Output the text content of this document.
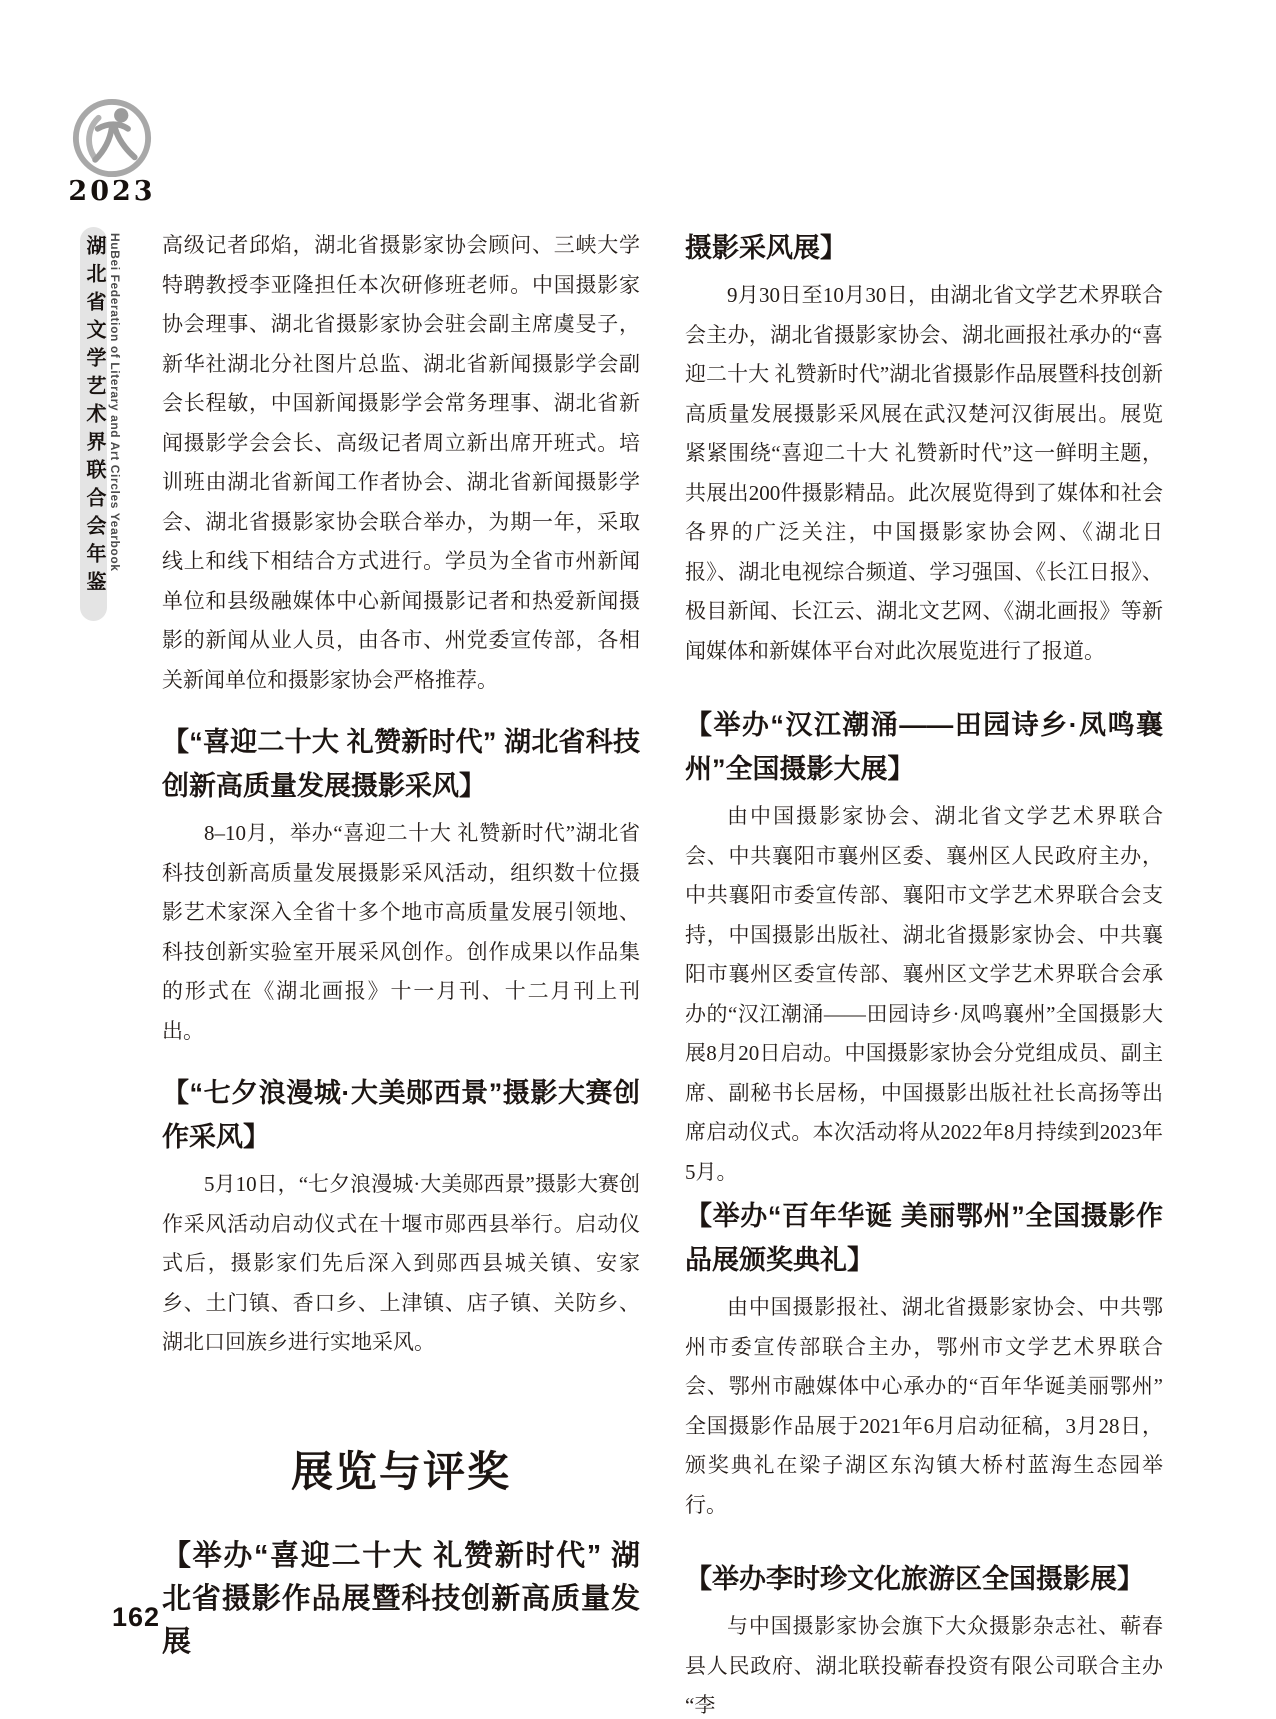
2023
湖北省文学艺术界联合会年鉴 HuBei Federation of Literary and Art Circles Yearbook 高级记者邱焰，湖北省摄影家协会顾问、三峡大学特聘教授李亚隆担任本次研修班老师。中国摄影家协会理事、湖北省摄影家协会驻会副主席虞旻子，新华社湖北分社图片总监、湖北省新闻摄影学会副会长程敏，中国新闻摄影学会常务理事、湖北省新闻摄影学会会长、高级记者周立新出席开班式。培训班由湖北省新闻工作者协会、湖北省新闻摄影学会、湖北省摄影家协会联合举办，为期一年，采取线上和线下相结合方式进行。学员为全省市州新闻单位和县级融媒体中心新闻摄影记者和热爱新闻摄影的新闻从业人员，由各市、州党委宣传部，各相关新闻单位和摄影家协会严格推荐。

【“喜迎二十大 礼赞新时代” 湖北省科技创新高质量发展摄影采风】

8–10月，举办“喜迎二十大 礼赞新时代”湖北省科技创新高质量发展摄影采风活动，组织数十位摄影艺术家深入全省十多个地市高质量发展引领地、科技创新实验室开展采风创作。创作成果以作品集的形式在《湖北画报》十一月刊、十二月刊上刊出。

【“七夕浪漫城·大美郧西景”摄影大赛创作采风】

5月10日，“七夕浪漫城·大美郧西景”摄影大赛创作采风活动启动仪式在十堰市郧西县举行。启动仪式后，摄影家们先后深入到郧西县城关镇、安家乡、土门镇、香口乡、上津镇、店子镇、关防乡、湖北口回族乡进行实地采风。

展览与评奖
【举办“喜迎二十大 礼赞新时代” 湖北省摄影作品展暨科技创新高质量发展
摄影采风展】

9月30日至10月30日，由湖北省文学艺术界联合会主办，湖北省摄影家协会、湖北画报社承办的“喜迎二十大 礼赞新时代”湖北省摄影作品展暨科技创新高质量发展摄影采风展在武汉楚河汉街展出。展览紧紧围绕“喜迎二十大 礼赞新时代”这一鲜明主题，共展出200件摄影精品。此次展览得到了媒体和社会各界的广泛关注，中国摄影家协会网、《湖北日报》、湖北电视综合频道、学习强国、《长江日报》、极目新闻、长江云、湖北文艺网、《湖北画报》等新闻媒体和新媒体平台对此次展览进行了报道。

【举办“汉江潮涌——田园诗乡·凤鸣襄州”全国摄影大展】

由中国摄影家协会、湖北省文学艺术界联合会、中共襄阳市襄州区委、襄州区人民政府主办，中共襄阳市委宣传部、襄阳市文学艺术界联合会支持，中国摄影出版社、湖北省摄影家协会、中共襄阳市襄州区委宣传部、襄州区文学艺术界联合会承办的“汉江潮涌——田园诗乡·凤鸣襄州”全国摄影大展8月20日启动。中国摄影家协会分党组成员、副主席、副秘书长居杨，中国摄影出版社社长高扬等出席启动仪式。本次活动将从2022年8月持续到2023年5月。

【举办“百年华诞 美丽鄂州”全国摄影作品展颁奖典礼】

由中国摄影报社、湖北省摄影家协会、中共鄂州市委宣传部联合主办，鄂州市文学艺术界联合会、鄂州市融媒体中心承办的“百年华诞美丽鄂州”全国摄影作品展于2021年6月启动征稿，3月28日，颁奖典礼在梁子湖区东沟镇大桥村蓝海生态园举行。

【举办李时珍文化旅游区全国摄影展】

与中国摄影家协会旗下大众摄影杂志社、蕲春县人民政府、湖北联投蕲春投资有限公司联合主办“李

162
